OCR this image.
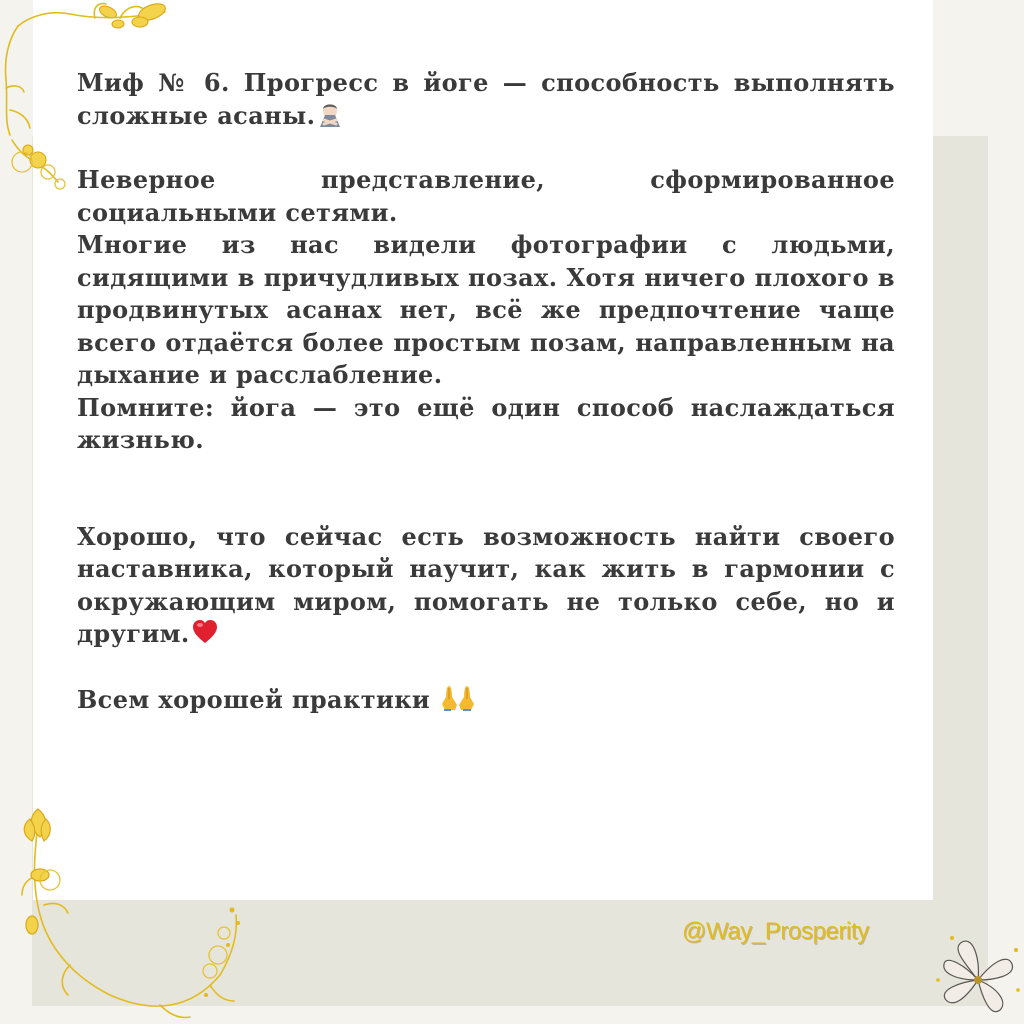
Миф № 6. Прогресс в йоге — способность выполнять сложные асаны.

Неверное представление, сформированное социальными сетями.

Многие из нас видели фотографии с людьми, сидящими в причудливых позах. Хотя ничего плохого в продвинутых асанах нет, всё же предпочтение чаще всего отдаётся более простым позам, направленным на дыхание и расслабление.

Помните: йога — это ещё один способ наслаждаться жизнью.

Хорошо, что сейчас есть возможность найти своего наставника, который научит, как жить в гармонии с окружающим миром, помогать не только себе, но и другим.

Всем хорошей практики

@Way_Prosperity
